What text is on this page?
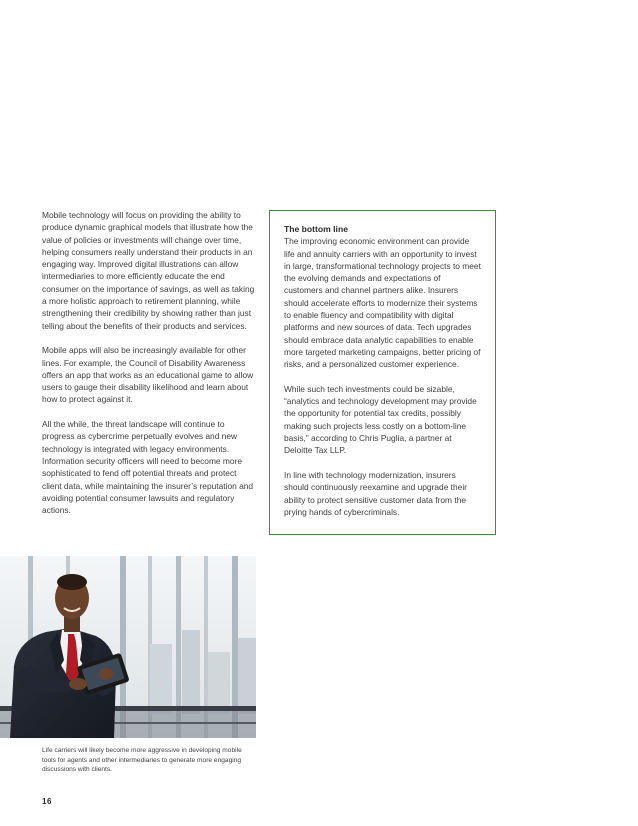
Mobile technology will focus on providing the ability to produce dynamic graphical models that illustrate how the value of policies or investments will change over time, helping consumers really understand their products in an engaging way. Improved digital illustrations can allow intermediaries to more efficiently educate the end consumer on the importance of savings, as well as taking a more holistic approach to retirement planning, while strengthening their credibility by showing rather than just telling about the benefits of their products and services.

Mobile apps will also be increasingly available for other lines. For example, the Council of Disability Awareness offers an app that works as an educational game to allow users to gauge their disability likelihood and learn about how to protect against it.

All the while, the threat landscape will continue to progress as cybercrime perpetually evolves and new technology is integrated with legacy environments. Information security officers will need to become more sophisticated to fend off potential threats and protect client data, while maintaining the insurer’s reputation and avoiding potential consumer lawsuits and regulatory actions.

The bottom line

The improving economic environment can provide life and annuity carriers with an opportunity to invest in large, transformational technology projects to meet the evolving demands and expectations of customers and channel partners alike. Insurers should accelerate efforts to modernize their systems to enable fluency and compatibility with digital platforms and new sources of data. Tech upgrades should embrace data analytic capabilities to enable more targeted marketing campaigns, better pricing of risks, and a personalized customer experience.

While such tech investments could be sizable, “analytics and technology development may provide the opportunity for potential tax credits, possibly making such projects less costly on a bottom-line basis,” according to Chris Puglia, a partner at Deloitte Tax LLP.

In line with technology modernization, insurers should continuously reexamine and upgrade their ability to protect sensitive customer data from the prying hands of cybercriminals.

Life carriers will likely become more aggressive in developing mobile tools for agents and other intermediaries to generate more engaging discussions with clients.

16
